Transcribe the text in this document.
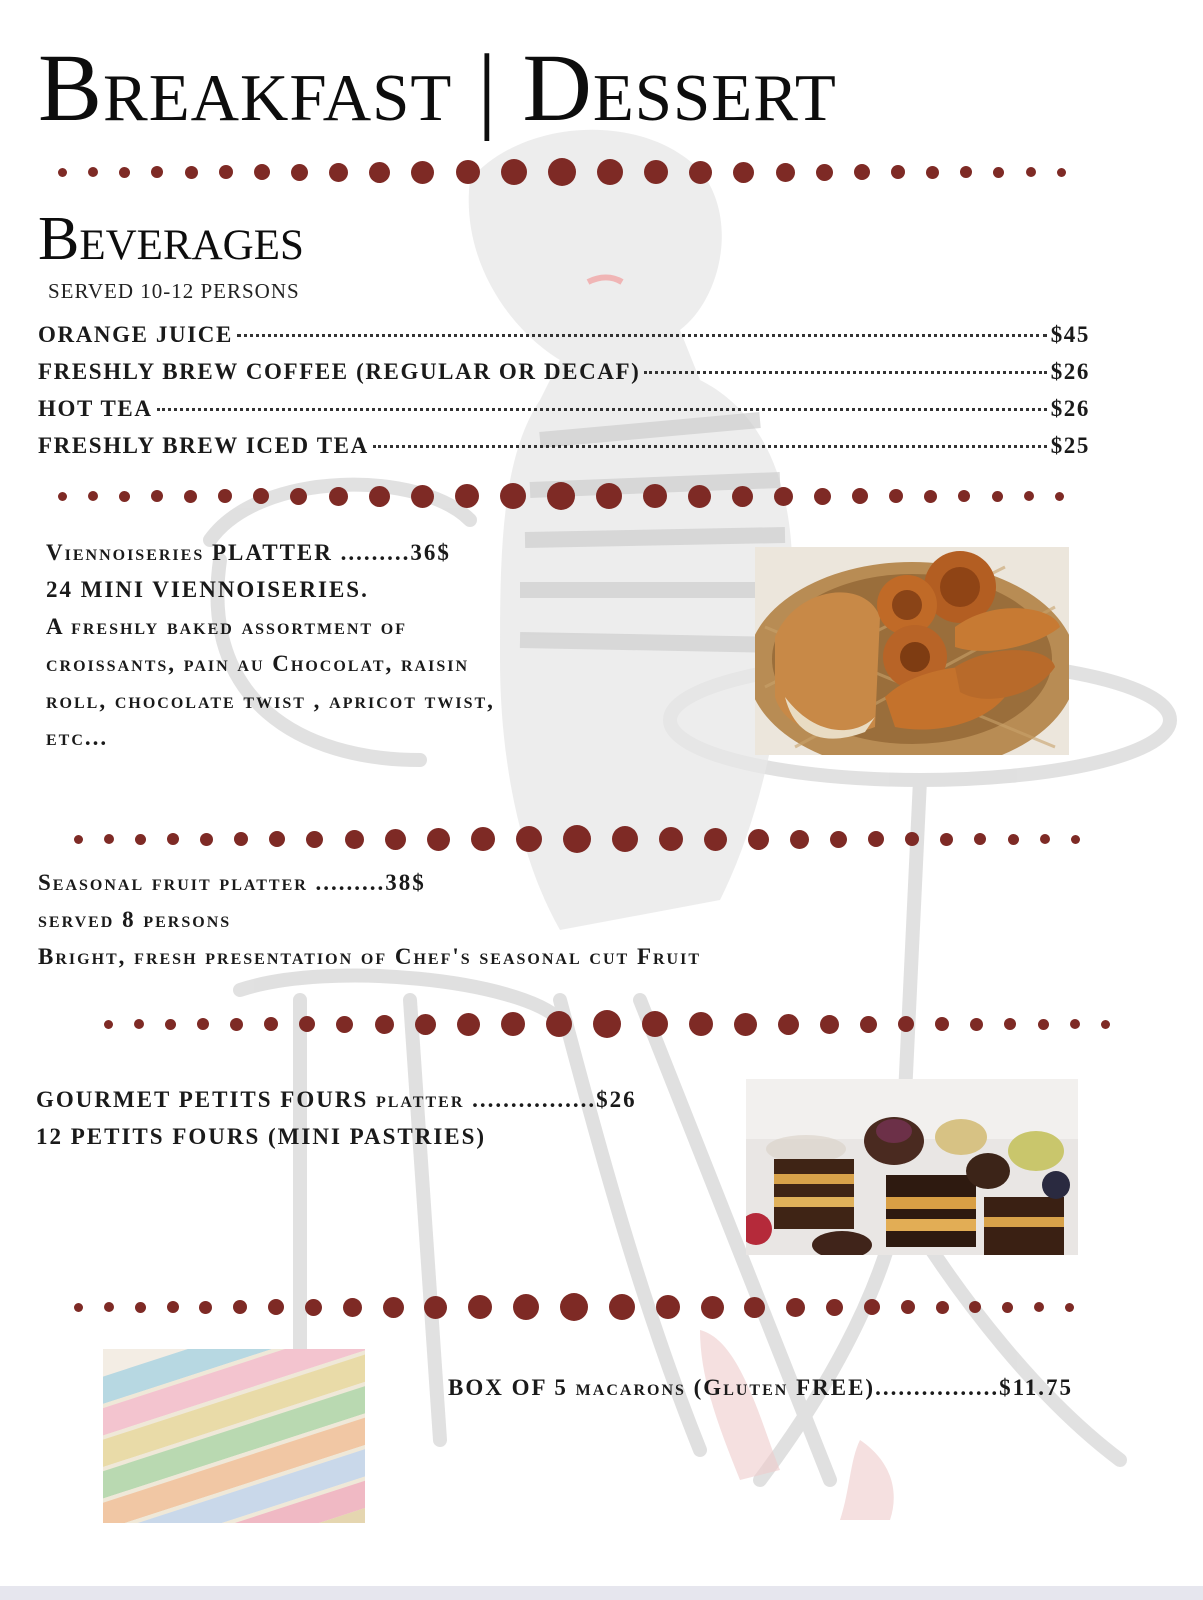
Breakfast | Dessert
Beverages
SERVED 10-12 PERSONS
ORANGE JUICE	$45
FRESHLY BREW COFFEE (REGULAR OR DECAF)	$26
HOT TEA	$26
FRESHLY BREW ICED TEA	$25
Viennoiseries PLATTER .........36$
24 MINI VIENNOISERIES.
A freshly baked assortment of
croissants, pain au Chocolat, raisin
roll, chocolate twist , apricot twist,
etc...
Seasonal fruit platter .........38$
served 8 persons
Bright, fresh presentation of Chef's seasonal cut Fruit
GOURMET PETITS FOURS platter ................$26
12 PETITS FOURS (MINI PASTRIES)
BOX OF 5 macarons (Gluten FREE)................$11.75
